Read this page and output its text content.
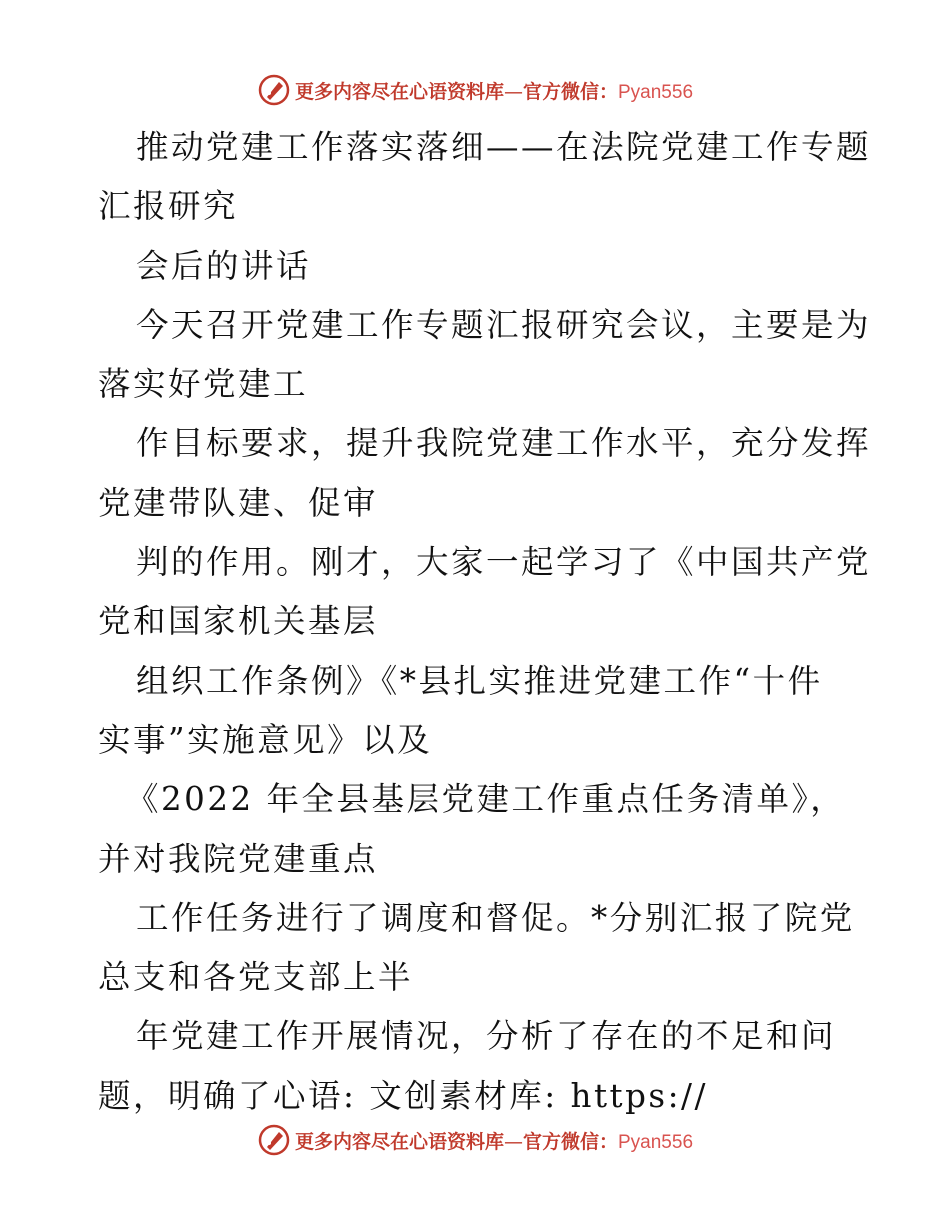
更多内容尽在心语资料库—官方微信：Pyan556
推动党建工作落实落细——在法院党建工作专题
汇报研究
会后的讲话
今天召开党建工作专题汇报研究会议，主要是为
落实好党建工
作目标要求，提升我院党建工作水平，充分发挥
党建带队建、促审
判的作用。刚才，大家一起学习了《中国共产党
党和国家机关基层
组织工作条例》《*县扎实推进党建工作“十件
实事”实施意见》以及
《2022 年全县基层党建工作重点任务清单》，
并对我院党建重点
工作任务进行了调度和督促。*分别汇报了院党
总支和各党支部上半
年党建工作开展情况，分析了存在的不足和问
题，明确了心语: 文创素材库: https://
更多内容尽在心语资料库—官方微信：Pyan556
